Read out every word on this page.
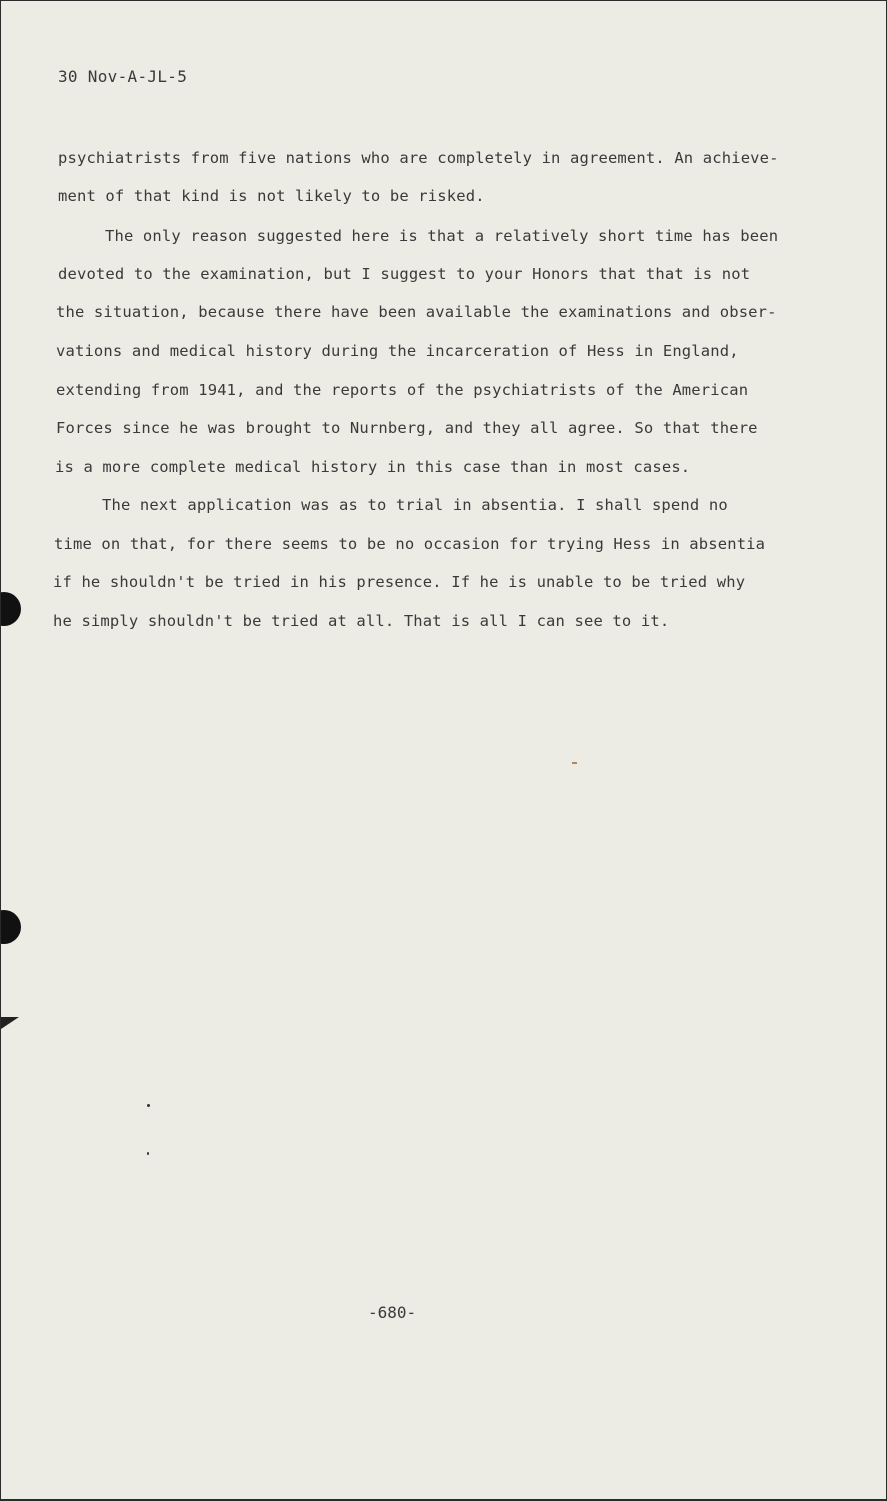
30 Nov-A-JL-5
psychiatrists from five nations who are completely in agreement. An achieve-
ment of that kind is not likely to be risked.
The only reason suggested here is that a relatively short time has been
devoted to the examination, but I suggest to your Honors that that is not
the situation, because there have been available the examinations and obser-
vations and medical history during the incarceration of Hess in England,
extending from 1941, and the reports of the psychiatrists of the American
Forces since he was brought to Nurnberg, and they all agree. So that there
is a more complete medical history in this case than in most cases.
The next application was as to trial in absentia. I shall spend no
time on that, for there seems to be no occasion for trying Hess in absentia
if he shouldn't be tried in his presence. If he is unable to be tried why
he simply shouldn't be tried at all. That is all I can see to it.
-680-
